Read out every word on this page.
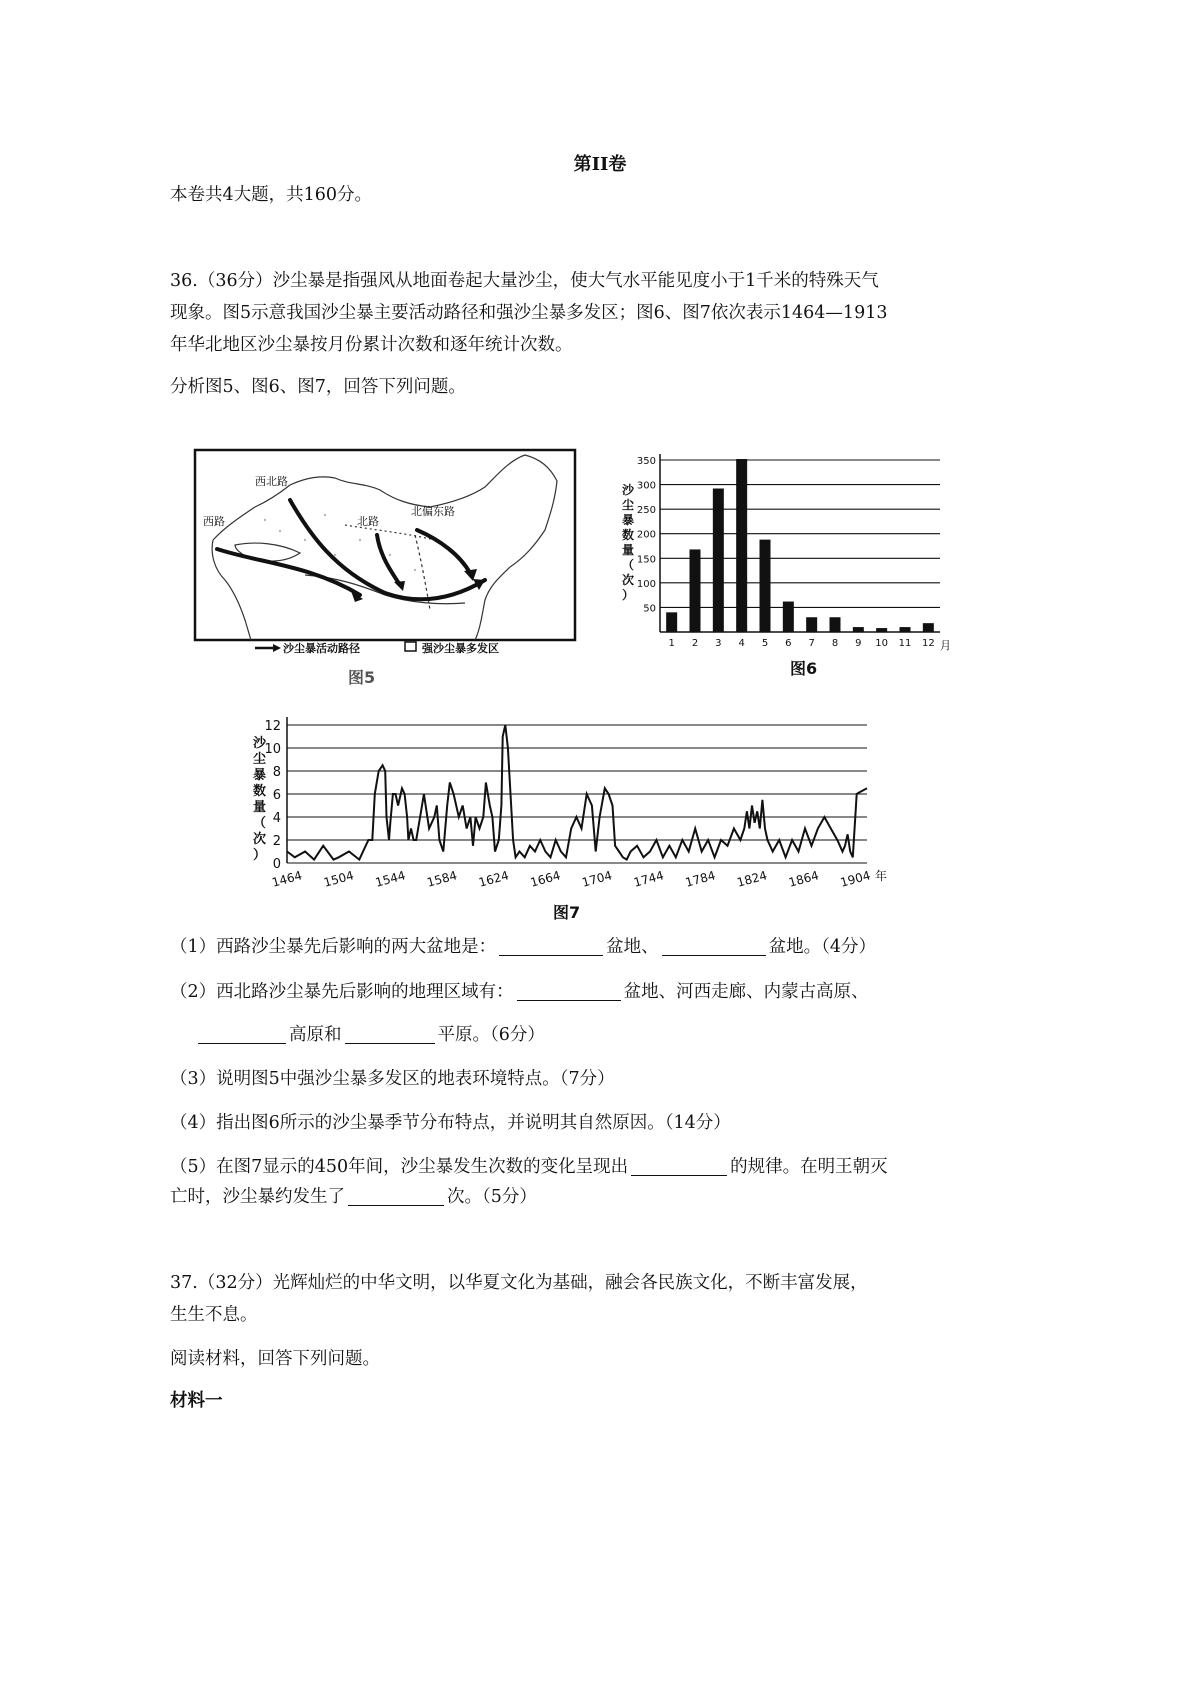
第II卷
本卷共4大题，共160分。
36.（36分）沙尘暴是指强风从地面卷起大量沙尘，使大气水平能见度小于1千米的特殊天气
现象。图5示意我国沙尘暴主要活动路径和强沙尘暴多发区；图6、图7依次表示1464—1913
年华北地区沙尘暴按月份累计次数和逐年统计次数。
分析图5、图6、图7，回答下列问题。
西北路
西路	北路
北偏东路
沙尘暴活动路径	强沙尘暴多发区
图5
50
100
150
200
250
300
350
1 2 3 4 5 6 7 8 9 10 11 12
沙尘暴数量（次）
月
图6
0
2
4
6
8
10
12
1464 1504 1544 1584 1624 1664 1704 1744 1784 1824 1864 1904
沙尘暴数量（次）
年
图7
（1）西路沙尘暴先后影响的两大盆地是：	盆地、	盆地。（4分）
（2）西北路沙尘暴先后影响的地理区域有：	盆地、河西走廊、内蒙古高原、
高原和	平原。（6分）
（3）说明图5中强沙尘暴多发区的地表环境特点。（7分）
（4）指出图6所示的沙尘暴季节分布特点，并说明其自然原因。（14分）
（5）在图7显示的450年间，沙尘暴发生次数的变化呈现出	的规律。在明王朝灭
亡时，沙尘暴约发生了	次。（5分）
37.（32分）光辉灿烂的中华文明，以华夏文化为基础，融会各民族文化，不断丰富发展，
生生不息。
阅读材料，回答下列问题。
材料一
